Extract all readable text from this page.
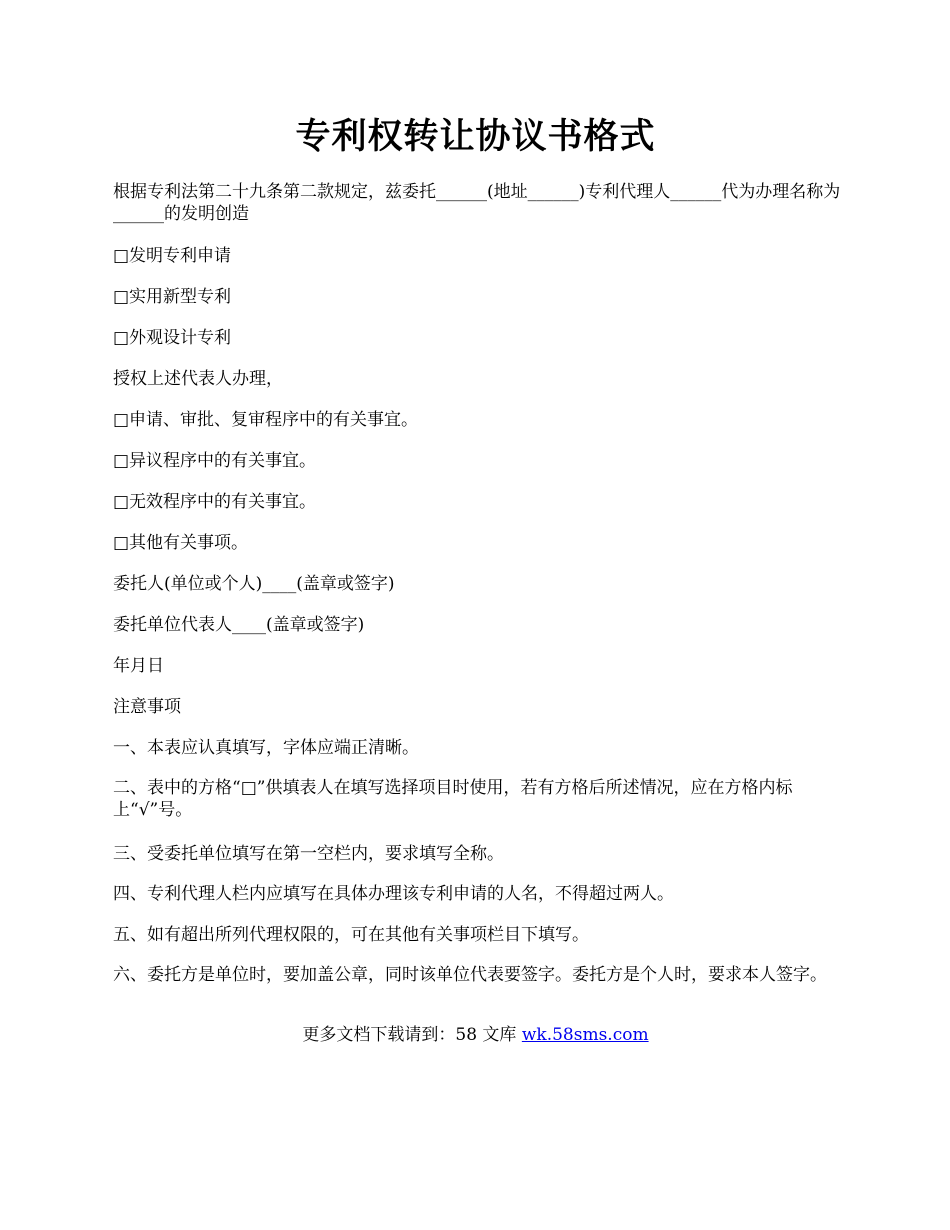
专利权转让协议书格式
根据专利法第二十九条第二款规定，兹委托______(地址______)专利代理人______代为办理名称为______的发明创造
□发明专利申请
□实用新型专利
□外观设计专利
授权上述代表人办理，
□申请、审批、复审程序中的有关事宜。
□异议程序中的有关事宜。
□无效程序中的有关事宜。
□其他有关事项。
委托人(单位或个人)____(盖章或签字)
委托单位代表人____(盖章或签字)
年月日
注意事项
一、本表应认真填写，字体应端正清晰。
二、表中的方格“□”供填表人在填写选择项目时使用，若有方格后所述情况，应在方格内标上“√”号。
三、受委托单位填写在第一空栏内，要求填写全称。
四、专利代理人栏内应填写在具体办理该专利申请的人名，不得超过两人。
五、如有超出所列代理权限的，可在其他有关事项栏目下填写。
六、委托方是单位时，要加盖公章，同时该单位代表要签字。委托方是个人时，要求本人签字。
更多文档下载请到：58 文库 wk.58sms.com
